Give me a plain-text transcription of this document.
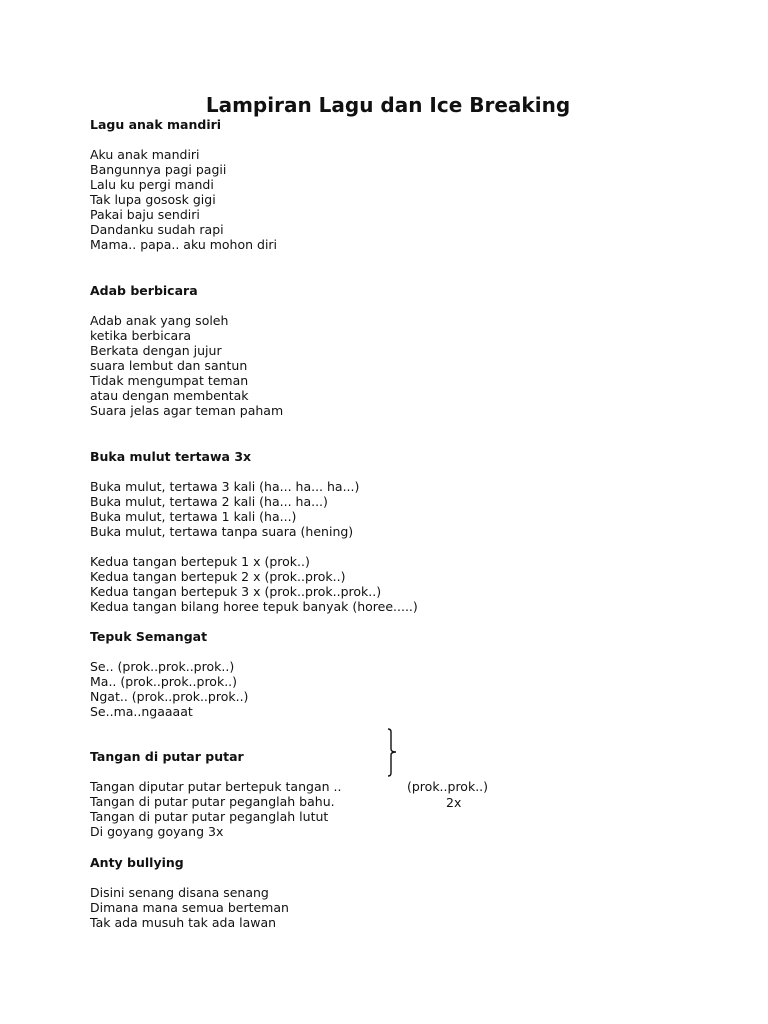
Lampiran Lagu dan Ice Breaking
Lagu anak mandiri
Aku anak mandiri
Bangunnya pagi pagii
Lalu ku pergi mandi
Tak lupa gososk gigi
Pakai baju sendiri
Dandanku sudah rapi
Mama.. papa.. aku mohon diri
Adab berbicara
Adab anak yang soleh
ketika berbicara
Berkata dengan jujur
suara lembut dan santun
Tidak mengumpat teman
atau dengan membentak
Suara jelas agar teman paham
Buka mulut tertawa 3x
Buka mulut, tertawa 3 kali (ha... ha... ha...)
Buka mulut, tertawa 2 kali (ha... ha...)
Buka mulut, tertawa 1 kali (ha...)
Buka mulut, tertawa tanpa suara (hening)
Kedua tangan bertepuk 1 x (prok..)
Kedua tangan bertepuk 2 x (prok..prok..)
Kedua tangan bertepuk 3 x (prok..prok..prok..)
Kedua tangan bilang horee tepuk banyak (horee.....)
Tepuk Semangat
Se.. (prok..prok..prok..)
Ma.. (prok..prok..prok..)
Ngat.. (prok..prok..prok..)
Se..ma..ngaaaat
Tangan di putar putar
Tangan diputar putar bertepuk tangan ..
Tangan di putar putar peganglah bahu.
Tangan di putar putar peganglah lutut
Di goyang goyang 3x
(prok..prok..)
2x
Anty bullying
Disini senang disana senang
Dimana mana semua berteman
Tak ada musuh tak ada lawan
